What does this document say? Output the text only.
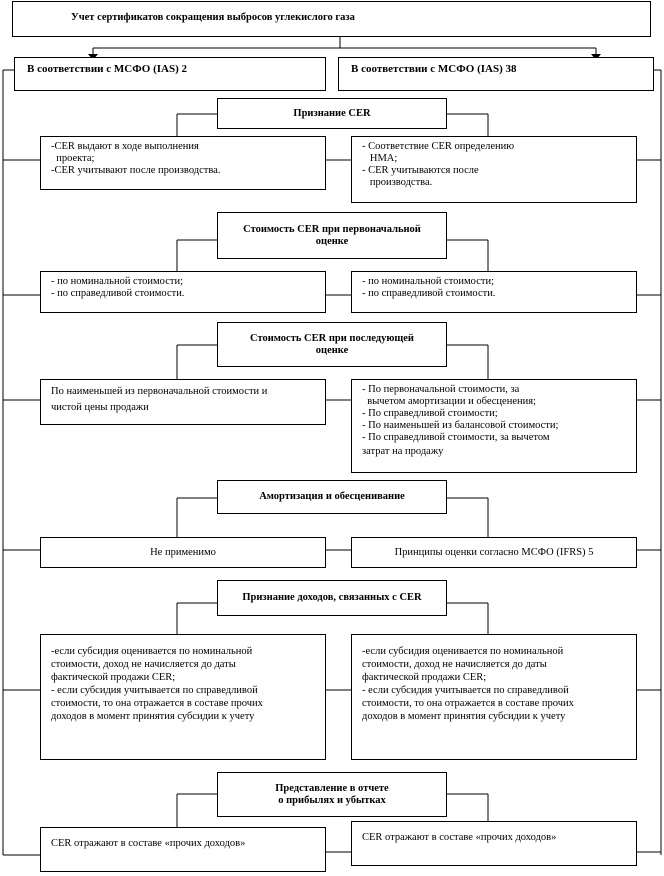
Учет сертификатов сокращения выбросов углекислого газа
В соответствии с МСФО (IAS) 2	В соответствии с МСФО (IAS) 38
Признание CER
-CER выдают в ходе выполнения
проекта;
-CER учитывают после производства.
- Соответствие CER определению
НМА;
- CER учитываются после
производства.
Стоимость CER при первоначальной
оценке
- по номинальной стоимости;
- по справедливой стоимости.
- по номинальной стоимости;
- по справедливой стоимости.
Стоимость CER при последующей
оценке
По наименьшей из первоначальной стоимости и
чистой цены продажи
- По первоначальной стоимости, за
вычетом амортизации и обесценения;
- По справедливой стоимости;
- По наименьшей из балансовой стоимости;
- По справедливой стоимости, за вычетом
затрат на продажу
Амортизация и обесценивание
Не применимо	Принципы оценки согласно МСФО (IFRS) 5
Признание доходов, связанных с CER
-если субсидия оценивается по номинальной
стоимости, доход не начисляется до даты
фактической продажи CER;
- если субсидия учитывается по справедливой
стоимости, то она отражается в составе прочих
доходов в момент принятия субсидии к учету
-если субсидия оценивается по номинальной
стоимости, доход не начисляется до даты
фактической продажи CER;
- если субсидия учитывается по справедливой
стоимости, то она отражается в составе прочих
доходов в момент принятия субсидии к учету
Представление в отчете
о прибылях и убытках
CER отражают в составе «прочих доходов»
CER отражают в составе «прочих доходов»
